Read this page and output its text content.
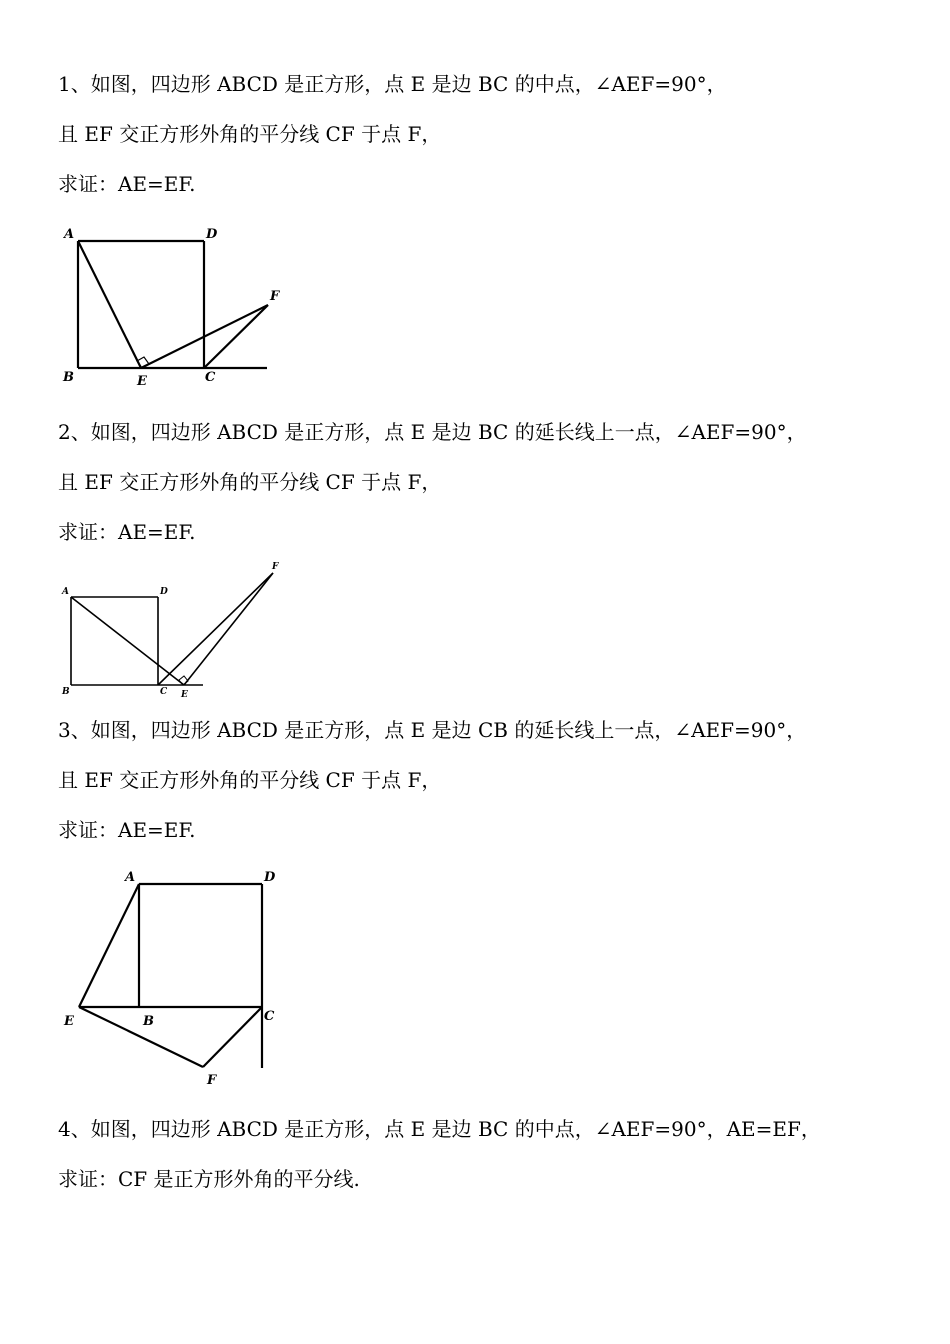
1、如图，四边形 ABCD 是正方形，点 E 是边 BC 的中点，∠AEF=90°，
且 EF 交正方形外角的平分线 CF 于点 F，
求证：AE=EF.
A	D
F
B	E	C
2、如图，四边形 ABCD 是正方形，点 E 是边 BC 的延长线上一点，∠AEF=90°，
且 EF 交正方形外角的平分线 CF 于点 F，
求证：AE=EF.
A	D
F
B	C E
3、如图，四边形 ABCD 是正方形，点 E 是边 CB 的延长线上一点，∠AEF=90°，
且 EF 交正方形外角的平分线 CF 于点 F，
求证：AE=EF.
A	D
E	B	C
F
4、如图，四边形 ABCD 是正方形，点 E 是边 BC 的中点，∠AEF=90°，AE=EF，
求证：CF 是正方形外角的平分线.
